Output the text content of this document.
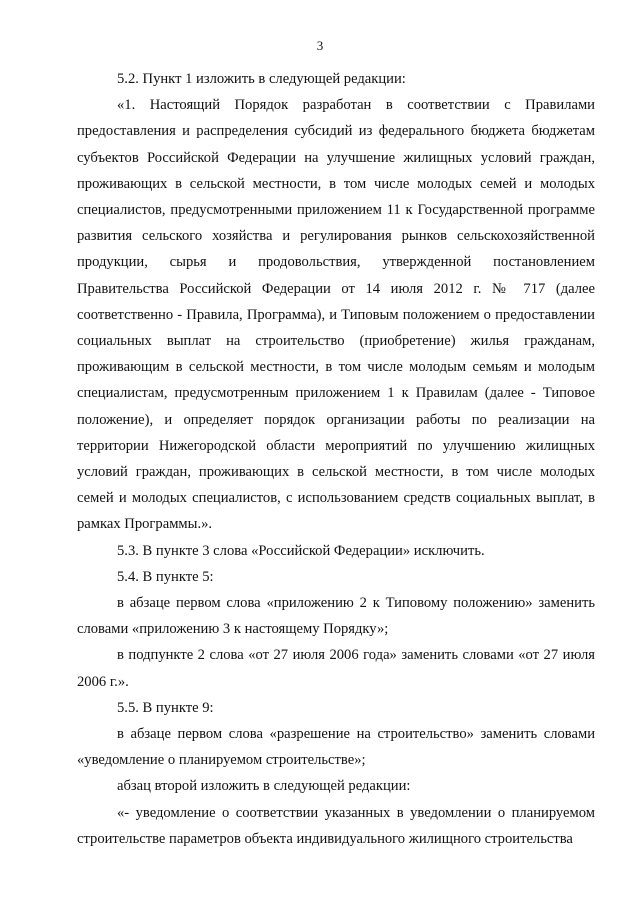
3

5.2. Пункт 1 изложить в следующей редакции:

«1. Настоящий Порядок разработан в соответствии с Правилами предоставления и распределения субсидий из федерального бюджета бюджетам субъектов Российской Федерации на улучшение жилищных условий граждан, проживающих в сельской местности, в том числе молодых семей и молодых специалистов, предусмотренными приложением 11 к Государственной программе развития сельского хозяйства и регулирования рынков сельскохозяйственной продукции, сырья и продовольствия, утвержденной постановлением Правительства Российской Федерации от 14 июля 2012 г. № 717 (далее соответственно - Правила, Программа), и Типовым положением о предоставлении социальных выплат на строительство (приобретение) жилья гражданам, проживающим в сельской местности, в том числе молодым семьям и молодым специалистам, предусмотренным приложением 1 к Правилам (далее - Типовое положение), и определяет порядок организации работы по реализации на территории Нижегородской области мероприятий по улучшению жилищных условий граждан, проживающих в сельской местности, в том числе молодых семей и молодых специалистов, с использованием средств социальных выплат, в рамках Программы.».

5.3. В пункте 3 слова «Российской Федерации» исключить.

5.4. В пункте 5:

в абзаце первом слова «приложению 2 к Типовому положению» заменить словами «приложению 3 к настоящему Порядку»;

в подпункте 2 слова «от 27 июля 2006 года» заменить словами «от 27 июля 2006 г.».

5.5. В пункте 9:

в абзаце первом слова «разрешение на строительство» заменить словами «уведомление о планируемом строительстве»;

абзац второй изложить в следующей редакции:

«- уведомление о соответствии указанных в уведомлении о планируемом строительстве параметров объекта индивидуального жилищного строительства
